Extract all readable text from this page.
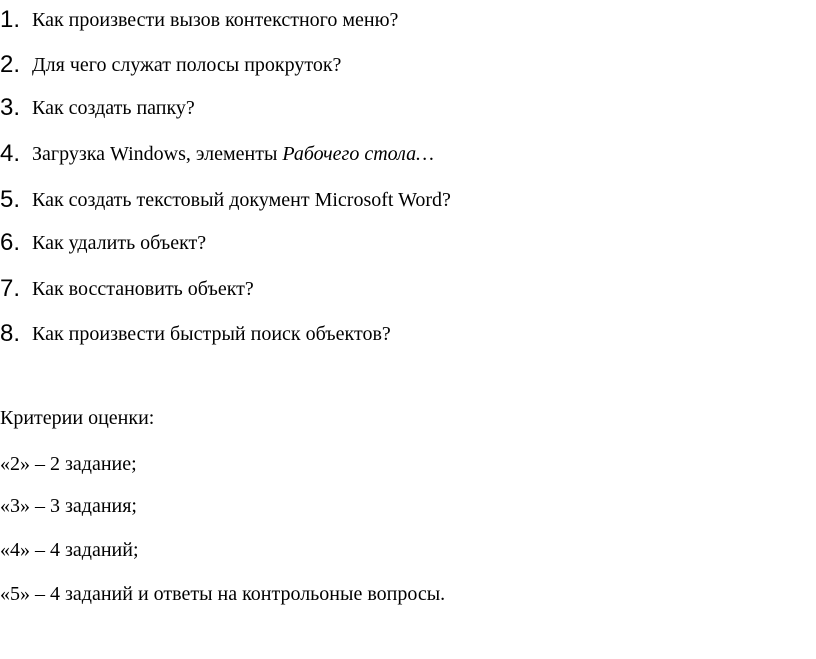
1. Как произвести вызов контекстного меню?
2. Для чего служат полосы прокруток?
3. Как создать папку?
4. Загрузка Windows, элементы Рабочего стола…
5. Как создать текстовый документ Microsoft Word?
6. Как удалить объект?
7. Как восстановить объект?
8. Как произвести быстрый поиск объектов?
Критерии оценки:
«2» – 2 задание;
«3» – 3 задания;
«4» – 4 заданий;
«5» – 4 заданий и ответы на контрольоные вопросы.
